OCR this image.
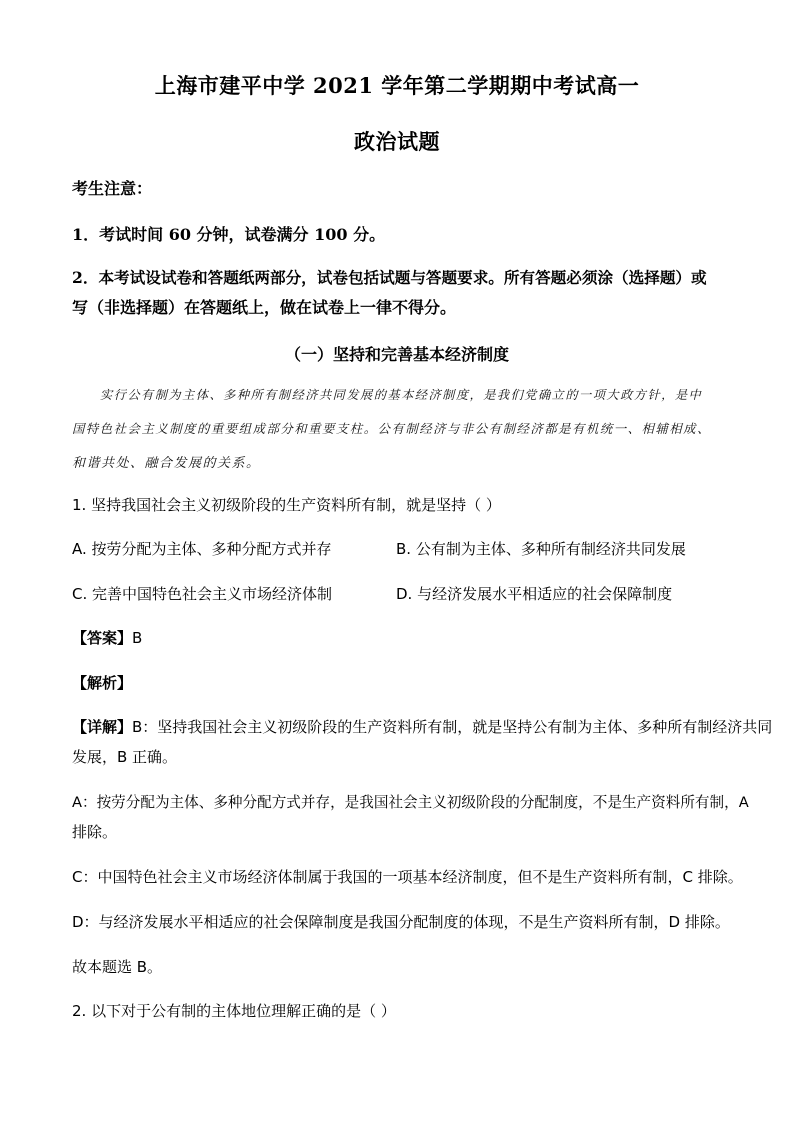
上海市建平中学 2021 学年第二学期期中考试高一
政治试题
考生注意：
1．考试时间 60 分钟，试卷满分 100 分。
2．本考试设试卷和答题纸两部分，试卷包括试题与答题要求。所有答题必须涂（选择题）或
写（非选择题）在答题纸上，做在试卷上一律不得分。
（一）坚持和完善基本经济制度
实行公有制为主体、多种所有制经济共同发展的基本经济制度，是我们党确立的一项大政方针，是中
国特色社会主义制度的重要组成部分和重要支柱。公有制经济与非公有制经济都是有机统一、相辅相成、
和谐共处、融合发展的关系。
1. 坚持我国社会主义初级阶段的生产资料所有制，就是坚持（ ）
A. 按劳分配为主体、多种分配方式并存	B. 公有制为主体、多种所有制经济共同发展
C. 完善中国特色社会主义市场经济体制	D. 与经济发展水平相适应的社会保障制度
【答案】B
【解析】
【详解】B：坚持我国社会主义初级阶段的生产资料所有制，就是坚持公有制为主体、多种所有制经济共同
发展，B 正确。
A：按劳分配为主体、多种分配方式并存，是我国社会主义初级阶段的分配制度，不是生产资料所有制，A
排除。
C：中国特色社会主义市场经济体制属于我国的一项基本经济制度，但不是生产资料所有制，C 排除。
D：与经济发展水平相适应的社会保障制度是我国分配制度的体现，不是生产资料所有制，D 排除。
故本题选 B。
2. 以下对于公有制的主体地位理解正确的是（ ）
